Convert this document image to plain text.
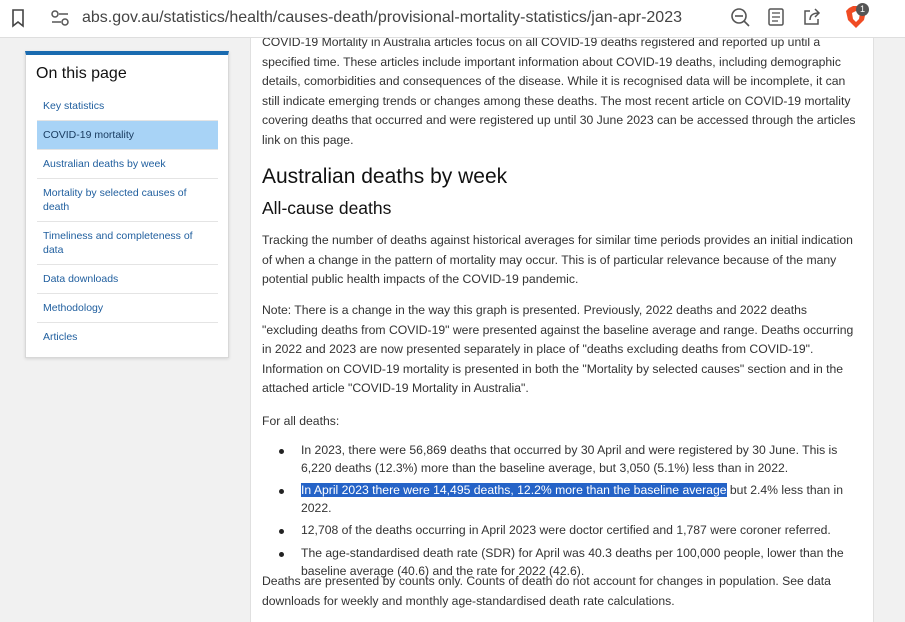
abs.gov.au/statistics/health/causes-death/provisional-mortality-statistics/jan-apr-2023	1
On this page
Key statistics
COVID-19 mortality
Australian deaths by week
Mortality by selected causes of death
Timeliness and completeness of data
Data downloads
Methodology
Articles

COVID-19 Mortality in Australia articles focus on all COVID-19 deaths registered and reported up until a specified time. These articles include important information about COVID-19 deaths, including demographic details, comorbidities and consequences of the disease. While it is recognised data will be incomplete, it can still indicate emerging trends or changes among these deaths. The most recent article on COVID-19 mortality covering deaths that occurred and were registered up until 30 June 2023 can be accessed through the articles link on this page.

Australian deaths by week
All-cause deaths

Tracking the number of deaths against historical averages for similar time periods provides an initial indication of when a change in the pattern of mortality may occur. This is of particular relevance because of the many potential public health impacts of the COVID-19 pandemic.

Note: There is a change in the way this graph is presented. Previously, 2022 deaths and 2022 deaths "excluding deaths from COVID-19" were presented against the baseline average and range. Deaths occurring in 2022 and 2023 are now presented separately in place of "deaths excluding deaths from COVID-19". Information on COVID-19 mortality is presented in both the "Mortality by selected causes" section and in the attached article "COVID-19 Mortality in Australia".

For all deaths:

In 2023, there were 56,869 deaths that occurred by 30 April and were registered by 30 June. This is 6,220 deaths (12.3%) more than the baseline average, but 3,050 (5.1%) less than in 2022.
In April 2023 there were 14,495 deaths, 12.2% more than the baseline average but 2.4% less than in 2022.
12,708 of the deaths occurring in April 2023 were doctor certified and 1,787 were coroner referred.
The age-standardised death rate (SDR) for April was 40.3 deaths per 100,000 people, lower than the baseline average (40.6) and the rate for 2022 (42.6).

Deaths are presented by counts only. Counts of death do not account for changes in population. See data downloads for weekly and monthly age-standardised death rate calculations.
